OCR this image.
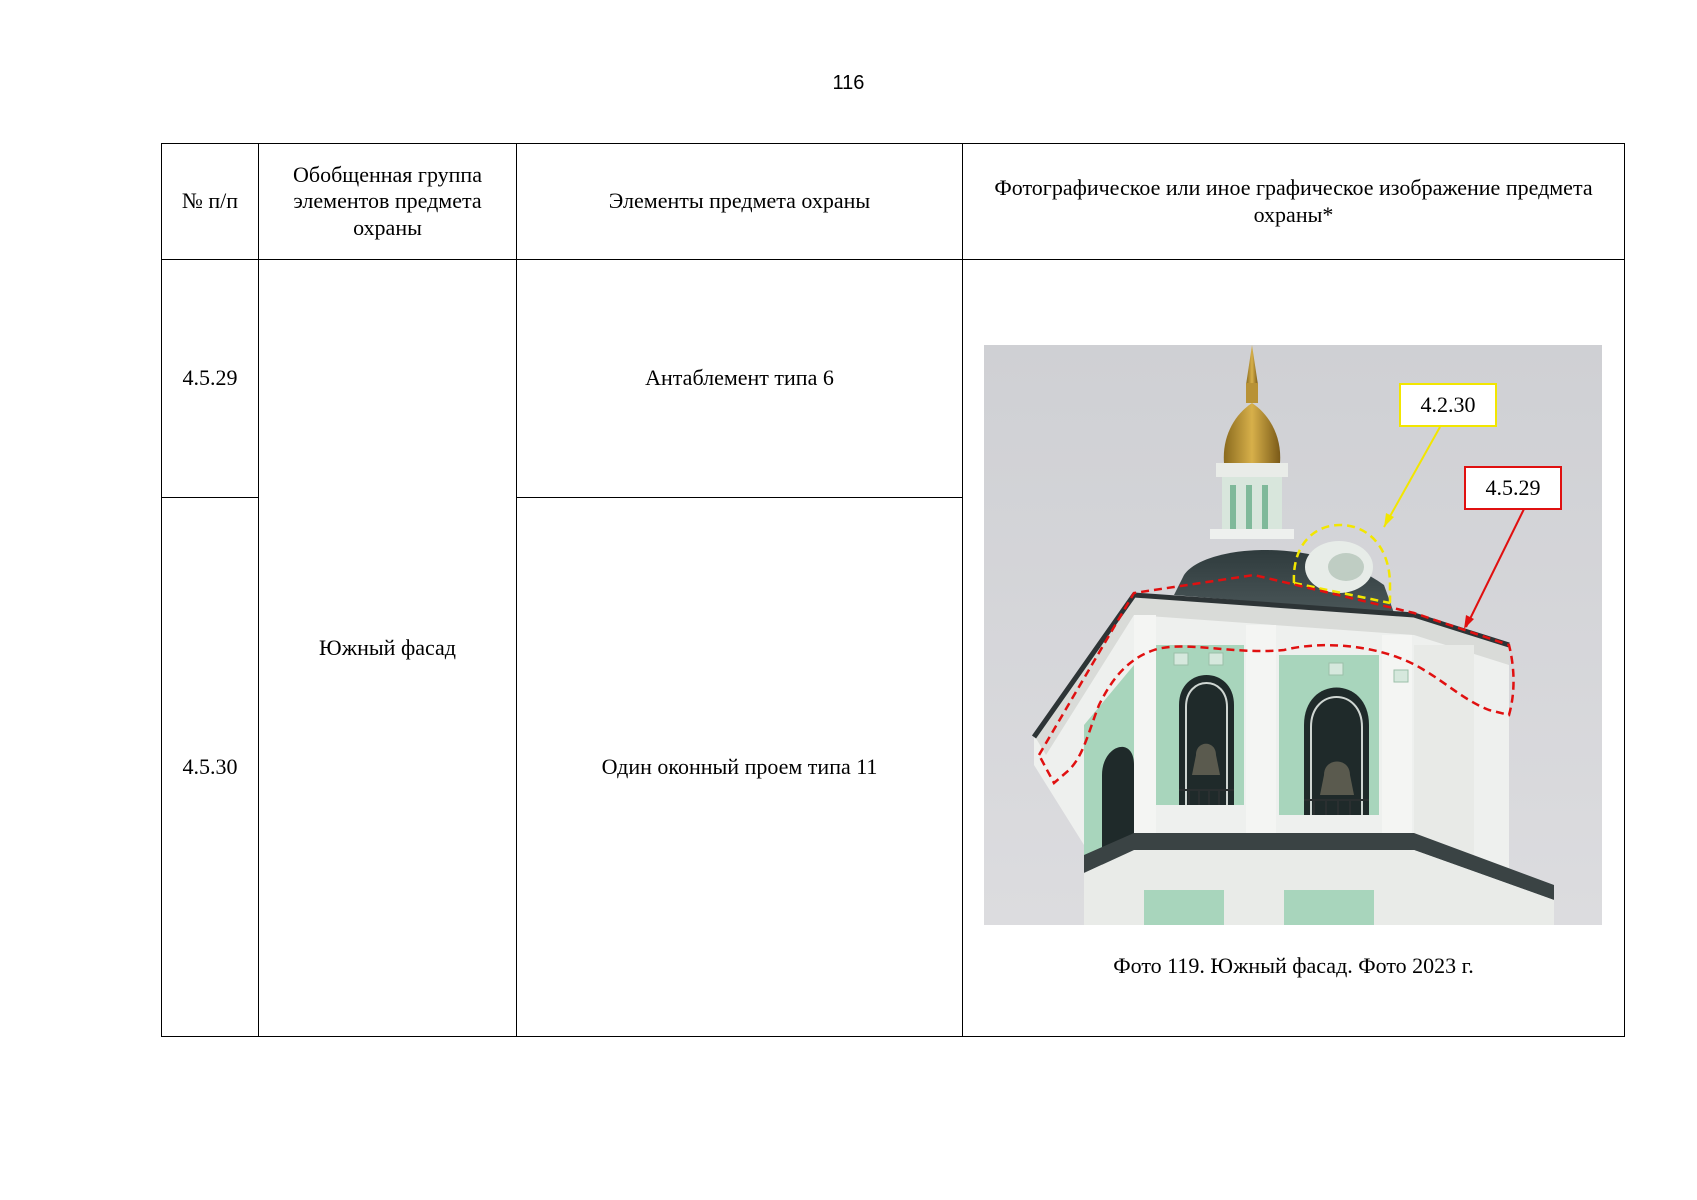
116
№ п/п	Обобщенная группа элементов предмета охраны	Элементы предмета охраны	Фотографическое или иное графическое изображение предмета охраны*
4.5.29	Южный фасад	Антаблемент типа 6	4.2.30
4.5.29
Фото 119. Южный фасад. Фото 2023 г.

4.5.30		Один оконный проем типа 11	
